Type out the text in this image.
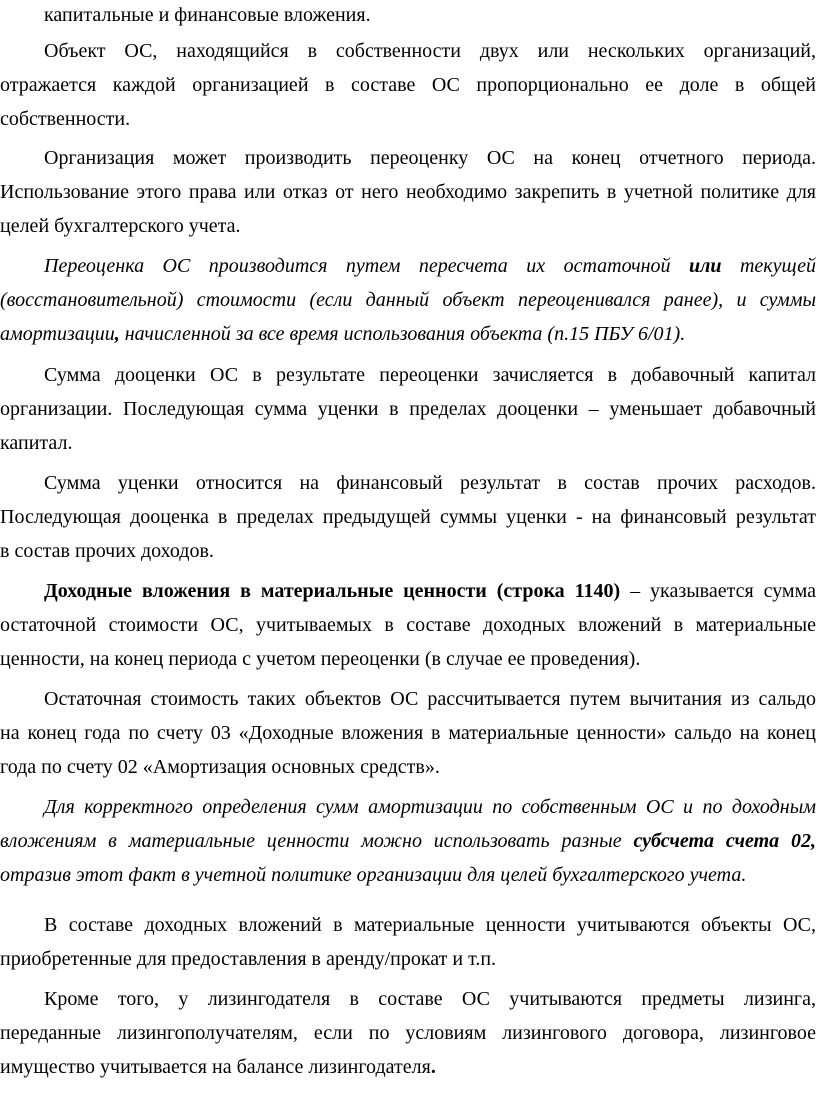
капитальные и финансовые вложения.
Объект ОС, находящийся в собственности двух или нескольких организаций,
отражается каждой организацией в составе ОС пропорционально ее доле в общей
собственности.
Организация может производить переоценку ОС на конец отчетного периода.
Использование этого права или отказ от него необходимо закрепить в учетной политике для
целей бухгалтерского учета.
Переоценка ОС производится путем пересчета их остаточной или текущей
(восстановительной) стоимости (если данный объект переоценивался ранее), и суммы
амортизации, начисленной за все время использования объекта (п.15 ПБУ 6/01).
Сумма дооценки ОС в результате переоценки зачисляется в добавочный капитал
организации. Последующая сумма уценки в пределах дооценки – уменьшает добавочный
капитал.
Сумма уценки относится на финансовый результат в состав прочих расходов.
Последующая дооценка в пределах предыдущей суммы уценки - на финансовый результат
в состав прочих доходов.
Доходные вложения в материальные ценности (строка 1140) – указывается сумма
остаточной стоимости ОС, учитываемых в составе доходных вложений в материальные
ценности, на конец периода с учетом переоценки (в случае ее проведения).
Остаточная стоимость таких объектов ОС рассчитывается путем вычитания из сальдо
на конец года по счету 03 «Доходные вложения в материальные ценности» сальдо на конец
года по счету 02 «Амортизация основных средств».
Для корректного определения сумм амортизации по собственным ОС и по доходным
вложениям в материальные ценности можно использовать разные субсчета счета 02,
отразив этот факт в учетной политике организации для целей бухгалтерского учета.
В составе доходных вложений в материальные ценности учитываются объекты ОС,
приобретенные для предоставления в аренду/прокат и т.п.
Кроме того, у лизингодателя в составе ОС учитываются предметы лизинга,
переданные лизингополучателям, если по условиям лизингового договора, лизинговое
имущество учитывается на балансе лизингодателя.
